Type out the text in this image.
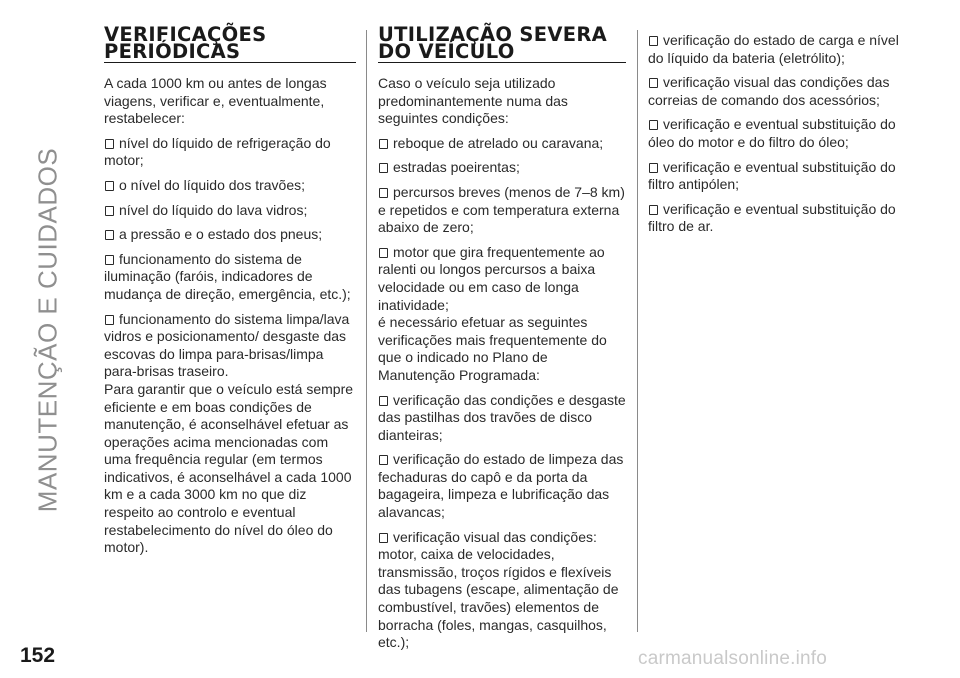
MANUTENÇÃO E CUIDADOS
152
VERIFICAÇÕES PERIÓDICAS

A cada 1000 km ou antes de longas viagens, verificar e, eventualmente, restabelecer:

nível do líquido de refrigeração do motor;

o nível do líquido dos travões;

nível do líquido do lava vidros;

a pressão e o estado dos pneus;

funcionamento do sistema de iluminação (faróis, indicadores de mudança de direção, emergência, etc.);

funcionamento do sistema limpa/lava vidros e posicionamento/ desgaste das escovas do limpa para-brisas/limpa para-brisas traseiro.

Para garantir que o veículo está sempre eficiente e em boas condições de manutenção, é aconselhável efetuar as operações acima mencionadas com uma frequência regular (em termos indicativos, é aconselhável a cada 1000 km e a cada 3000 km no que diz respeito ao controlo e eventual restabelecimento do nível do óleo do motor).

UTILIZAÇÃO SEVERA DO VEÍCULO

Caso o veículo seja utilizado predominantemente numa das seguintes condições:

reboque de atrelado ou caravana;

estradas poeirentas;

percursos breves (menos de 7–8 km) e repetidos e com temperatura externa abaixo de zero;

motor que gira frequentemente ao ralenti ou longos percursos a baixa velocidade ou em caso de longa inatividade;

é necessário efetuar as seguintes verificações mais frequentemente do que o indicado no Plano de Manutenção Programada:

verificação das condições e desgaste das pastilhas dos travões de disco dianteiras;

verificação do estado de limpeza das fechaduras do capô e da porta da bagageira, limpeza e lubrificação das alavancas;

verificação visual das condições: motor, caixa de velocidades, transmissão, troços rígidos e flexíveis das tubagens (escape, alimentação de combustível, travões) elementos de borracha (foles, mangas, casquilhos, etc.);

verificação do estado de carga e nível do líquido da bateria (eletrólito);

verificação visual das condições das correias de comando dos acessórios;

verificação e eventual substituição do óleo do motor e do filtro do óleo;

verificação e eventual substituição do filtro antipólen;

verificação e eventual substituição do filtro de ar.

carmanualsonline.info
